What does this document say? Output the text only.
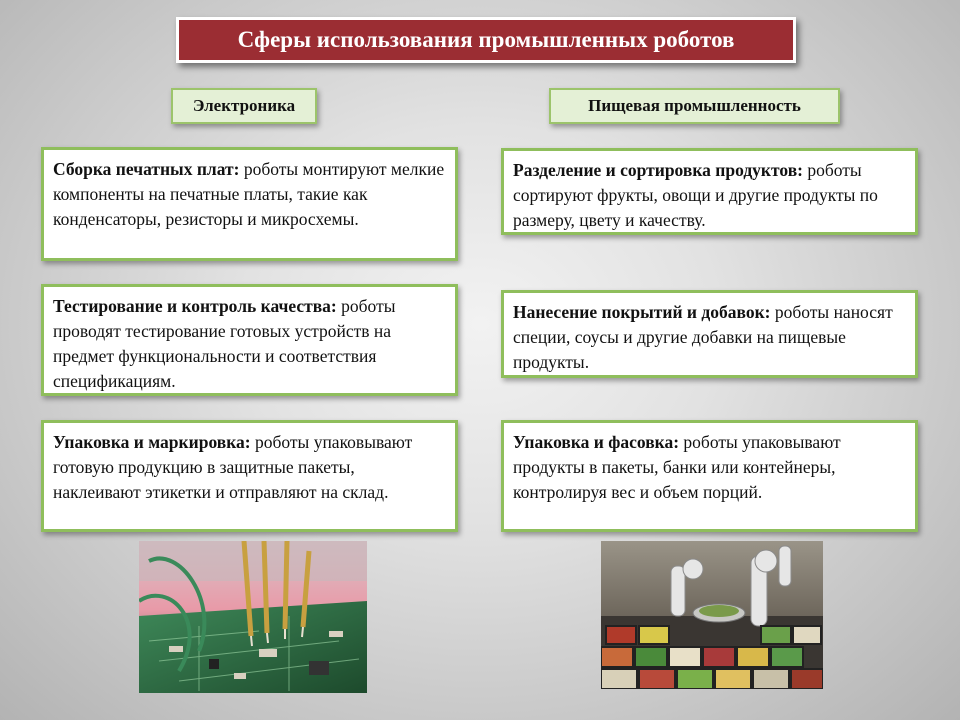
Сферы использования промышленных роботов
Электроника	Пищевая промышленность
Сборка печатных плат: роботы монтируют мелкие компоненты на печатные платы, такие как конденсаторы, резисторы и микросхемы.
Тестирование и контроль качества: роботы проводят тестирование готовых устройств на предмет функциональности и соответствия спецификациям.
Упаковка и маркировка: роботы упаковывают готовую продукцию в защитные пакеты, наклеивают этикетки и отправляют на склад.
Разделение и сортировка продуктов: роботы сортируют фрукты, овощи и другие продукты по размеру, цвету и качеству.
Нанесение покрытий и добавок: роботы наносят специи, соусы и другие добавки на пищевые продукты.
Упаковка и фасовка: роботы упаковывают продукты в пакеты, банки или контейнеры, контролируя вес и объем порций.
